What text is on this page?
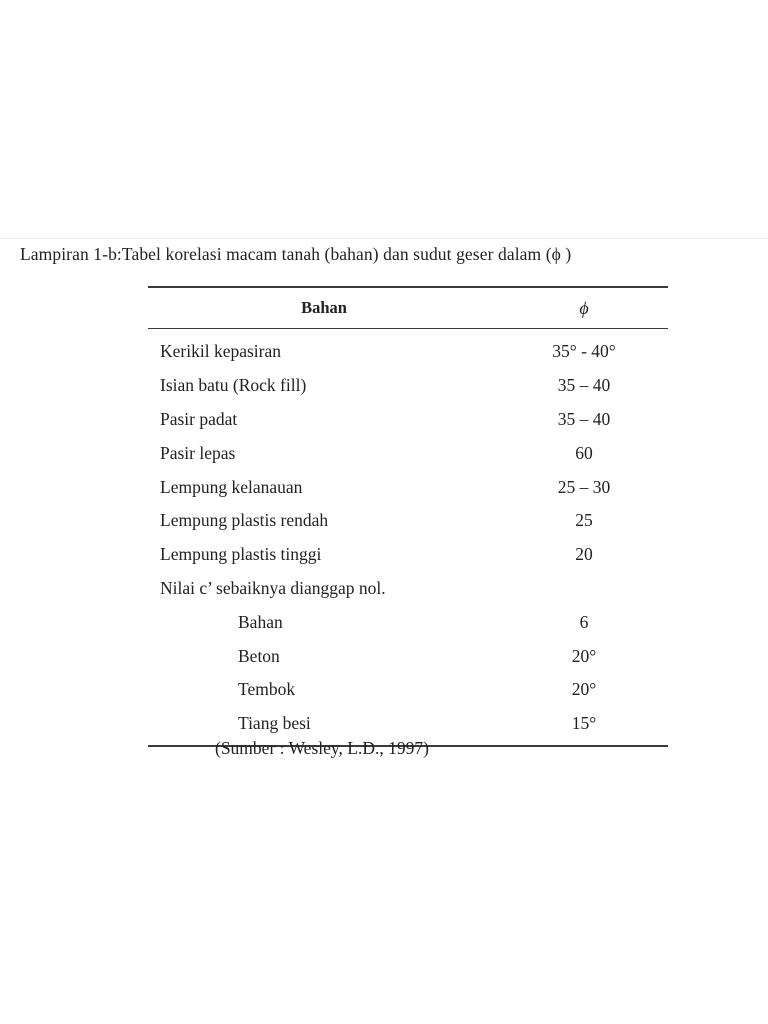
Lampiran 1-b:Tabel korelasi macam tanah (bahan) dan sudut geser dalam (ϕ )
Bahan	ϕ
Kerikil kepasiran	35° - 40°
Isian batu (Rock fill)	35 – 40
Pasir padat	35 – 40
Pasir lepas	60
Lempung kelanauan	25 – 30
Lempung plastis rendah	25
Lempung plastis tinggi	20
Nilai c’ sebaiknya dianggap nol.
Bahan	6
Beton	20°
Tembok	20°
Tiang besi	15°
(Sumber : Wesley, L.D., 1997)
